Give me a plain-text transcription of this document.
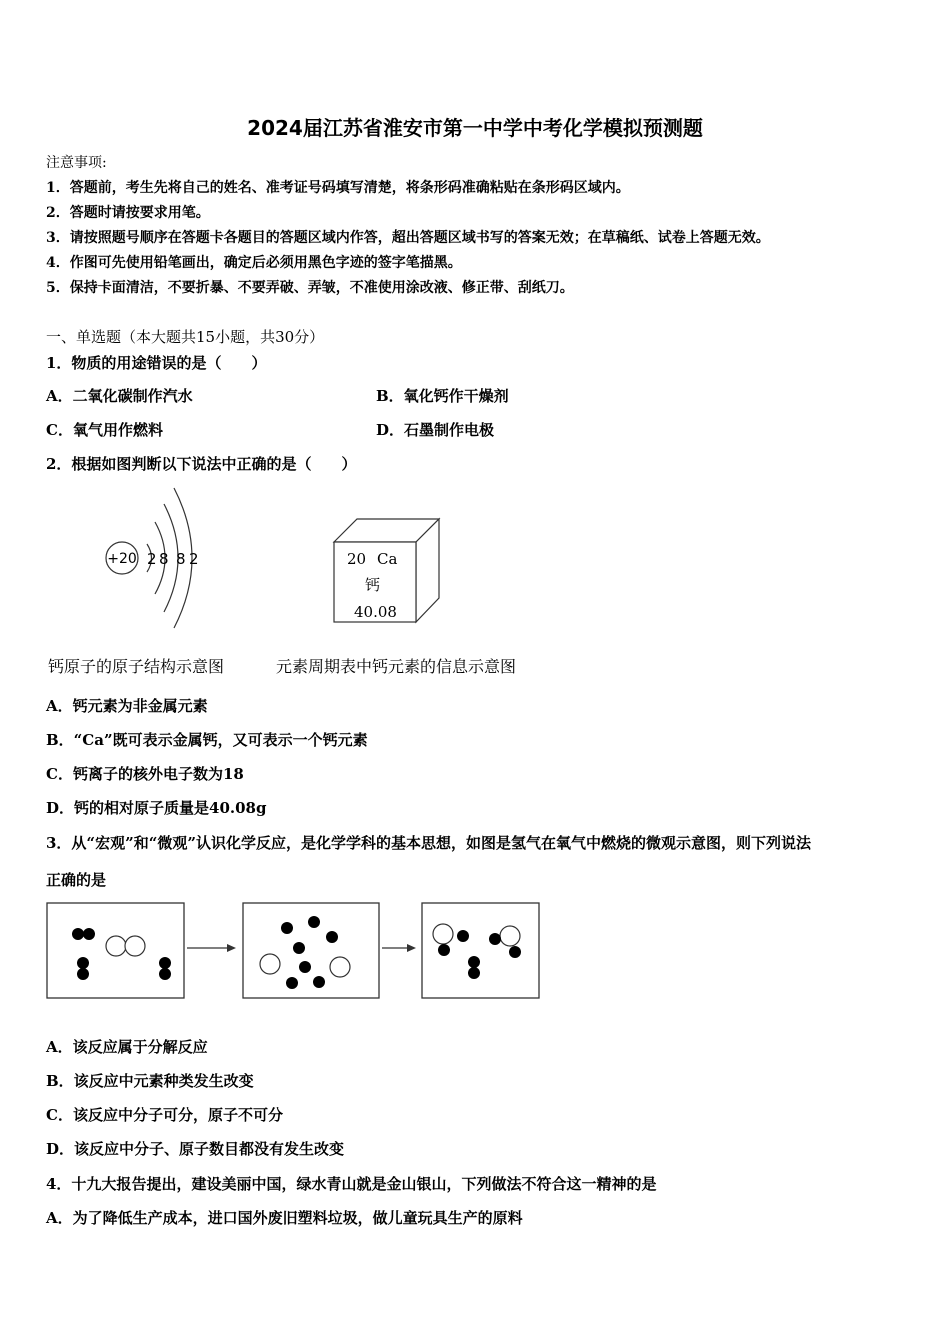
2024届江苏省淮安市第一中学中考化学模拟预测题
注意事项:
1．答题前，考生先将自己的姓名、准考证号码填写清楚，将条形码准确粘贴在条形码区域内。
2．答题时请按要求用笔。
3．请按照题号顺序在答题卡各题目的答题区域内作答，超出答题区域书写的答案无效；在草稿纸、试卷上答题无效。
4．作图可先使用铅笔画出，确定后必须用黑色字迹的签字笔描黑。
5．保持卡面清洁，不要折暴、不要弄破、弄皱，不准使用涂改液、修正带、刮纸刀。
一、单选题（本大题共15小题，共30分）
1．物质的用途错误的是（　　）
A．二氧化碳制作汽水	B．氧化钙作干燥剂
C．氧气用作燃料	D．石墨制作电极
2．根据如图判断以下说法中正确的是（　　）
+20 2 8 8 2	20 Ca
钙
40.08
钙原子的原子结构示意图	元素周期表中钙元素的信息示意图
A．钙元素为非金属元素
B．“Ca”既可表示金属钙，又可表示一个钙元素
C．钙离子的核外电子数为18
D．钙的相对原子质量是40.08g
3．从“宏观”和“微观”认识化学反应，是化学学科的基本思想，如图是氢气在氧气中燃烧的微观示意图，则下列说法
正确的是
A．该反应属于分解反应
B．该反应中元素种类发生改变
C．该反应中分子可分，原子不可分
D．该反应中分子、原子数目都没有发生改变
4．十九大报告提出，建设美丽中国，绿水青山就是金山银山，下列做法不符合这一精神的是
A．为了降低生产成本，进口国外废旧塑料垃圾，做儿童玩具生产的原料
